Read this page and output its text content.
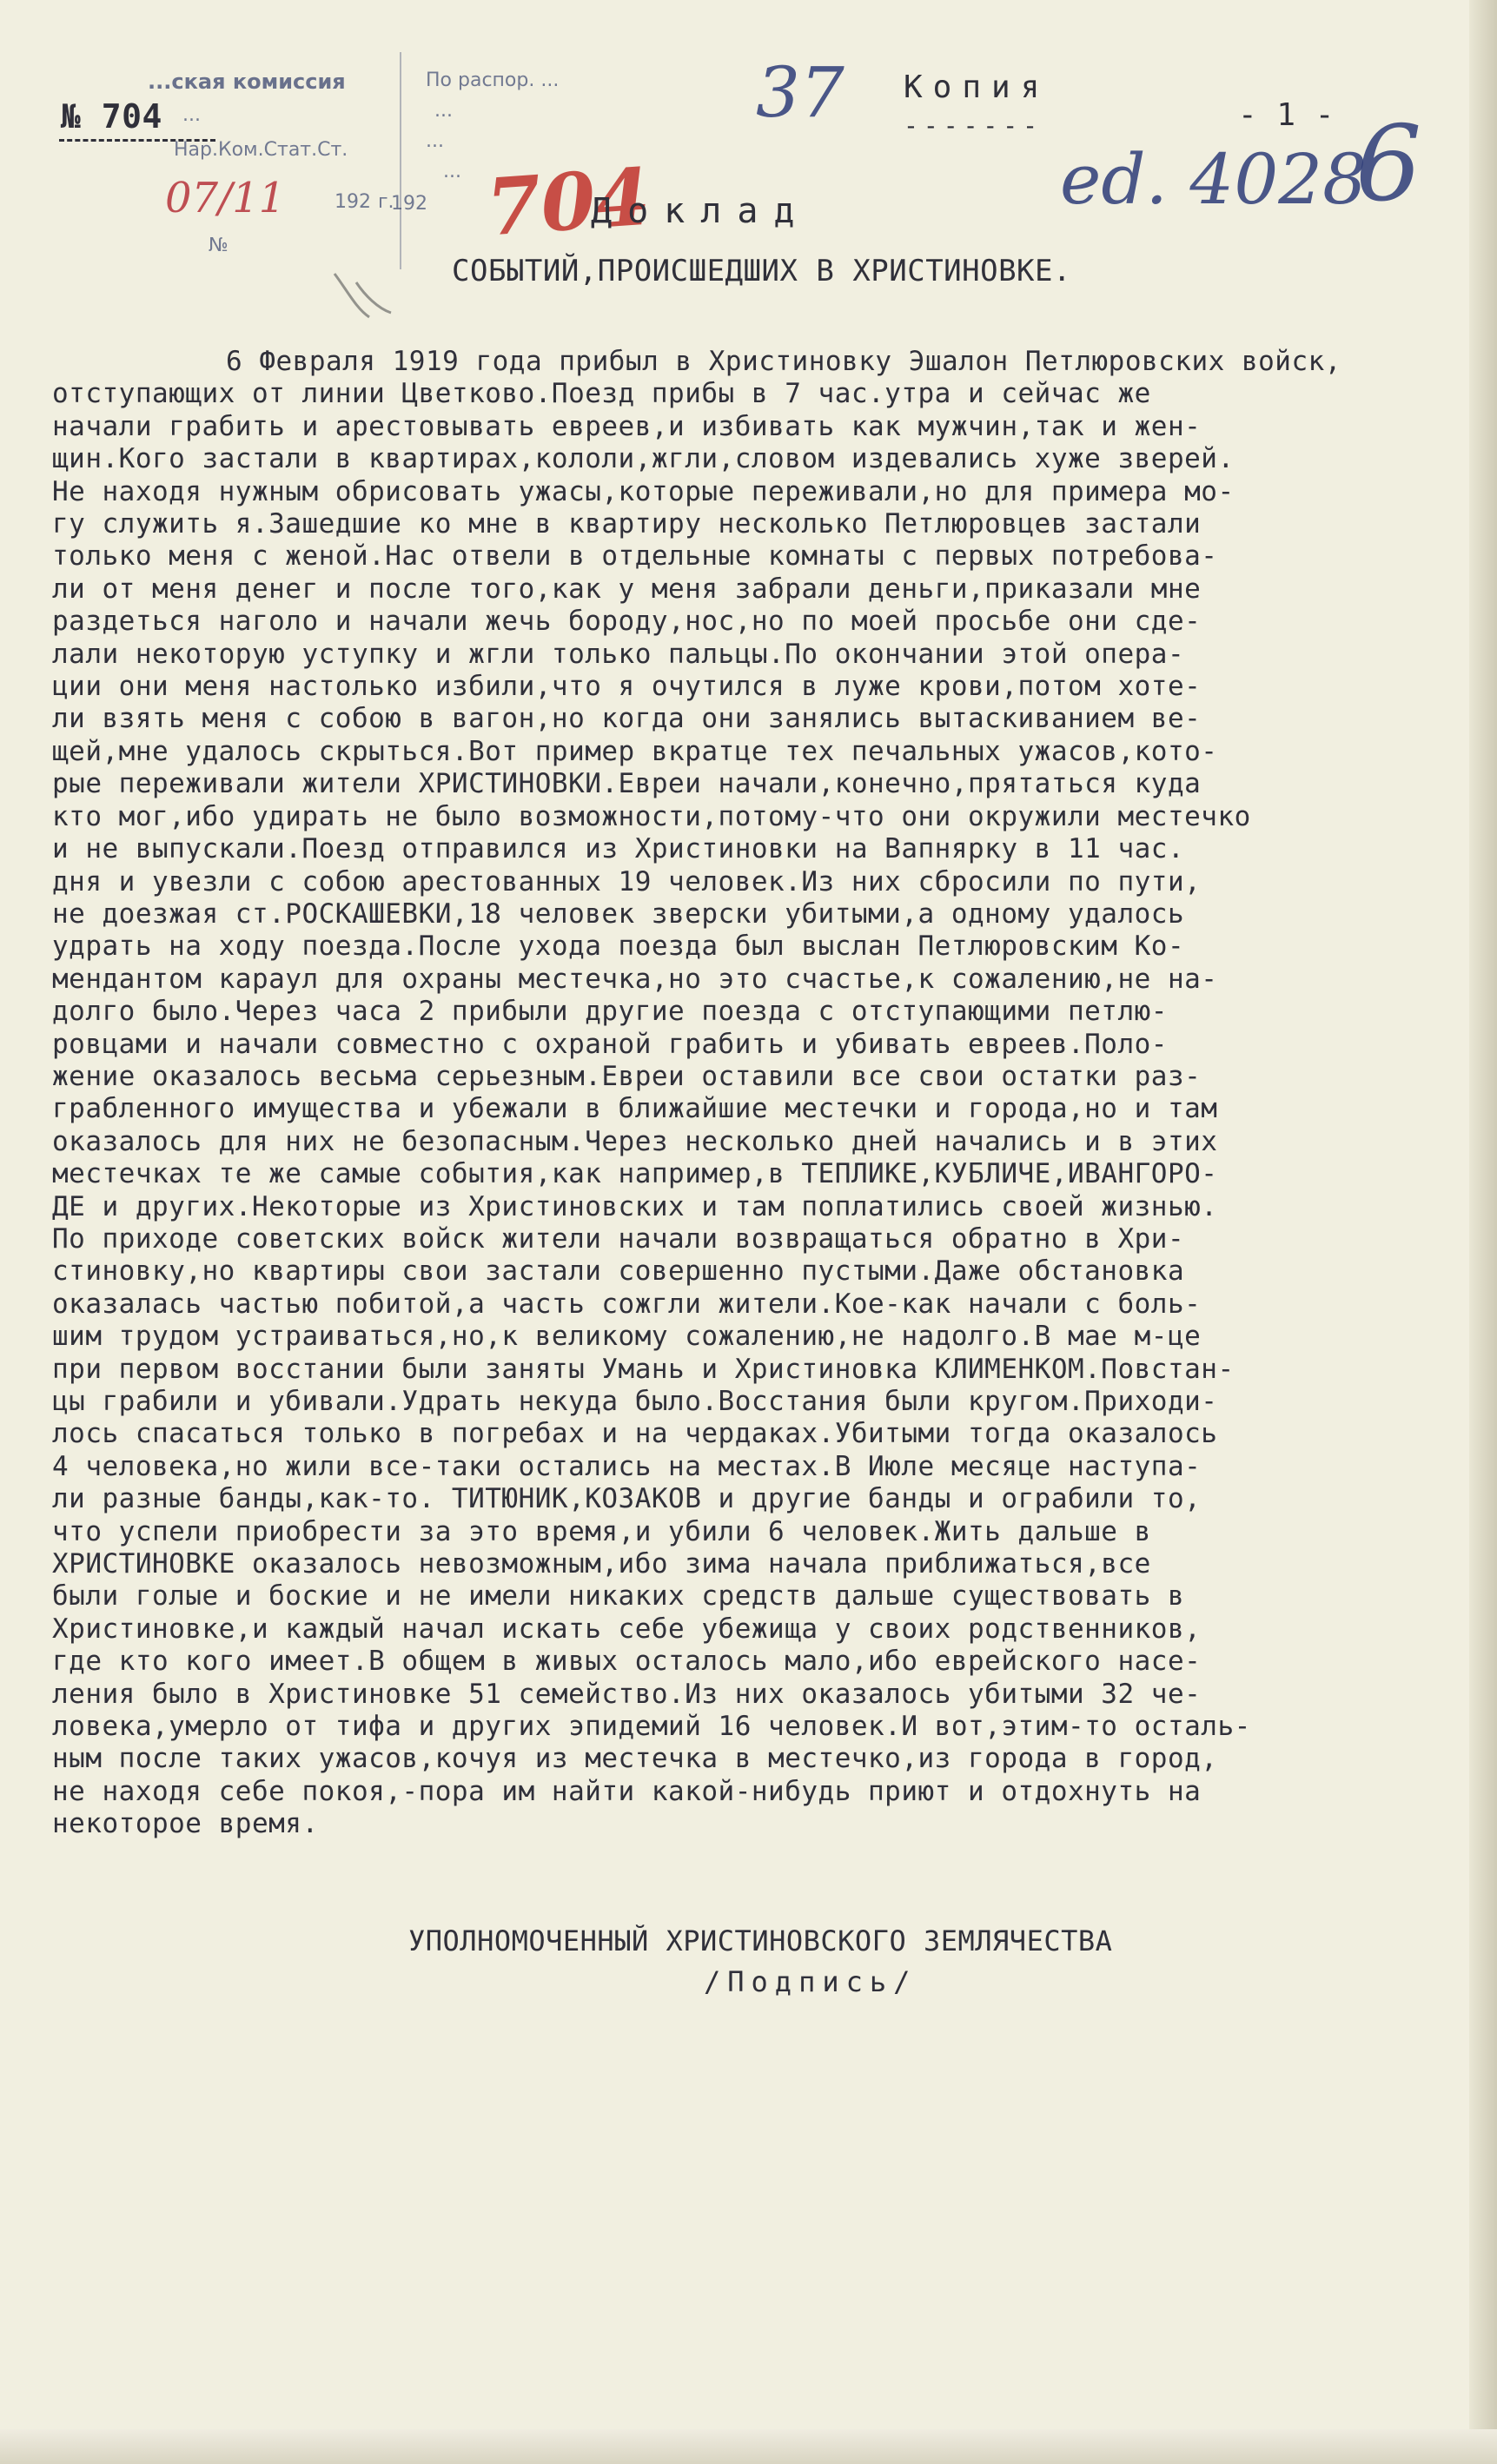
...ская комиссия
...
Нар.Ком.Стат.Ст.
07/11	192 г.
№
По распор. ...
...
...
...
192
№ 704	37 Копия
-------	- 1 -
ed. 4028
6
704
Доклад
СОБЫТИЙ,ПРОИСШЕДШИХ В ХРИСТИНОВКЕ.
6 Февраля 1919 года прибыл в Христиновку Эшалон Петлюровских войск,
отступающих от линии Цветково.Поезд прибы в 7 час.утра и сейчас же
начали грабить и арестовывать евреев,и избивать как мужчин,так и жен-
щин.Кого застали в квартирах,кололи,жгли,словом издевались хуже зверей.
Не находя нужным обрисовать ужасы,которые переживали,но для примера мо-
гу служить я.Зашедшие ко мне в квартиру несколько Петлюровцев застали
только меня с женой.Нас отвели в отдельные комнаты с первых потребова-
ли от меня денег и после того,как у меня забрали деньги,приказали мне
раздеться наголо и начали жечь бороду,нос,но по моей просьбе они сде-
лали некоторую уступку и жгли только пальцы.По окончании этой опера-
ции они меня настолько избили,что я очутился в луже крови,потом хоте-
ли взять меня с собою в вагон,но когда они занялись вытаскиванием ве-
щей,мне удалось скрыться.Вот пример вкратце тех печальных ужасов,кото-
рые переживали жители ХРИСТИНОВКИ.Евреи начали,конечно,прятаться куда
кто мог,ибо удирать не было возможности,потому-что они окружили местечко
и не выпускали.Поезд отправился из Христиновки на Вапнярку в 11 час.
дня и увезли с собою арестованных 19 человек.Из них сбросили по пути,
не доезжая ст.РОСКАШЕВКИ,18 человек зверски убитыми,а одному удалось
удрать на ходу поезда.После ухода поезда был выслан Петлюровским Ко-
мендантом караул для охраны местечка,но это счастье,к сожалению,не на-
долго было.Через часа 2 прибыли другие поезда с отступающими петлю-
ровцами и начали совместно с охраной грабить и убивать евреев.Поло-
жение оказалось весьма серьезным.Евреи оставили все свои остатки раз-
грабленного имущества и убежали в ближайшие местечки и города,но и там
оказалось для них не безопасным.Через несколько дней начались и в этих
местечках те же самые события,как например,в ТЕПЛИКЕ,КУБЛИЧЕ,ИВАНГОРО-
ДЕ и других.Некоторые из Христиновских и там поплатились своей жизнью.
По приходе советских войск жители начали возвращаться обратно в Хри-
стиновку,но квартиры свои застали совершенно пустыми.Даже обстановка
оказалась частью побитой,а часть сожгли жители.Кое-как начали с боль-
шим трудом устраиваться,но,к великому сожалению,не надолго.В мае м-це
при первом восстании были заняты Умань и Христиновка КЛИМЕНКОМ.Повстан-
цы грабили и убивали.Удрать некуда было.Восстания были кругом.Приходи-
лось спасаться только в погребах и на чердаках.Убитыми тогда оказалось
4 человека,но жили все-таки остались на местах.В Июле месяце наступа-
ли разные банды,как-то. ТИТЮНИК,КОЗАКОВ и другие банды и ограбили то,
что успели приобрести за это время,и убили 6 человек.Жить дальше в
ХРИСТИНОВКЕ оказалось невозможным,ибо зима начала приближаться,все
были голые и боские и не имели никаких средств дальше существовать в
Христиновке,и каждый начал искать себе убежища у своих родственников,
где кто кого имеет.В общем в живых осталось мало,ибо еврейского насе-
ления было в Христиновке 51 семейство.Из них оказалось убитыми 32 че-
ловека,умерло от тифа и других эпидемий 16 человек.И вот,этим-то осталь-
ным после таких ужасов,кочуя из местечка в местечко,из города в город,
не находя себе покоя,-пора им найти какой-нибудь приют и отдохнуть на
некоторое время.
УПОЛНОМОЧЕННЫЙ ХРИСТИНОВСКОГО ЗЕМЛЯЧЕСТВА
/Подпись/
